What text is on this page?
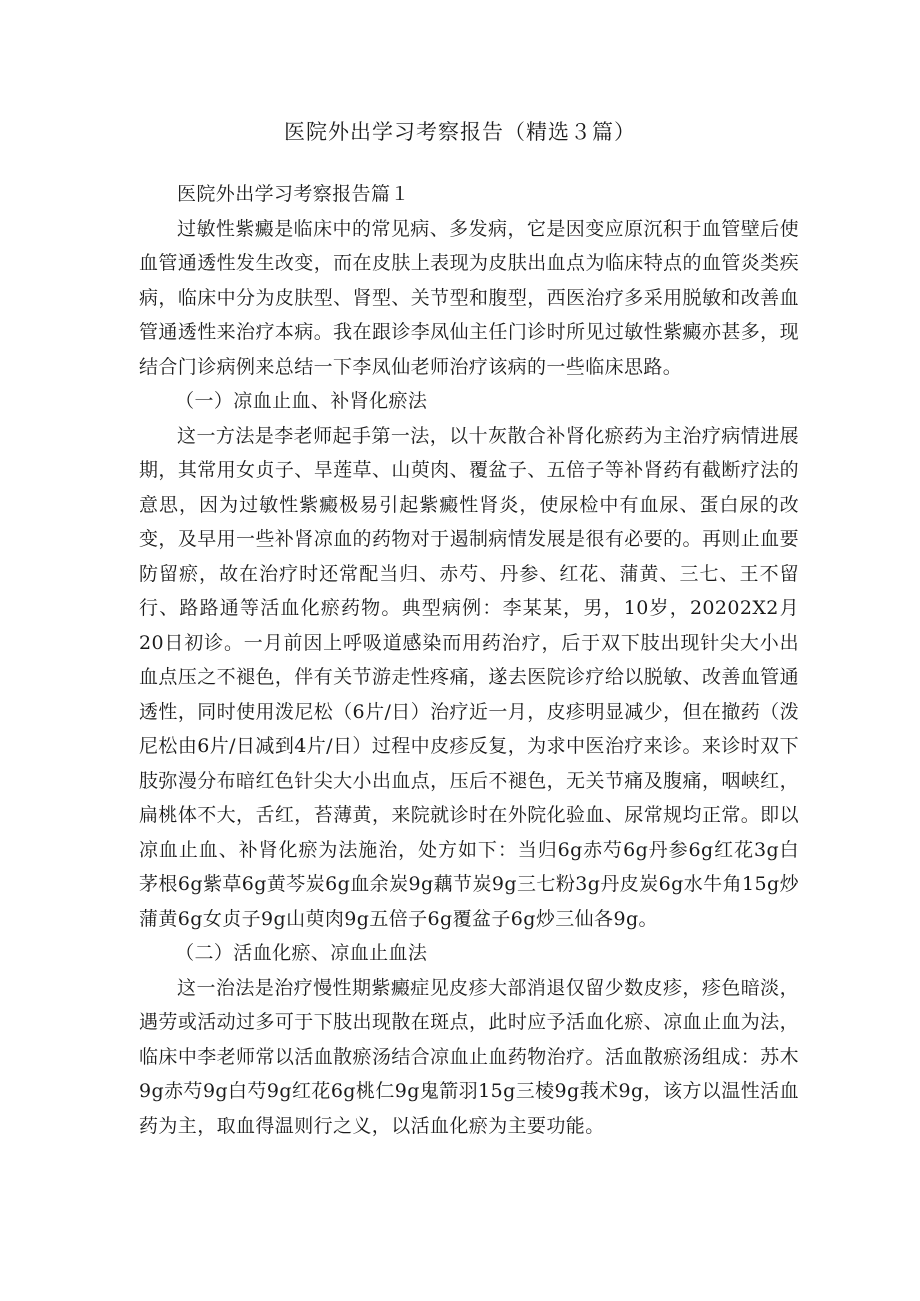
医院外出学习考察报告（精选３篇）

医院外出学习考察报告篇１

过敏性紫癜是临床中的常见病、多发病，它是因变应原沉积于血管壁后使血管通透性发生改变，而在皮肤上表现为皮肤出血点为临床特点的血管炎类疾病，临床中分为皮肤型、肾型、关节型和腹型，西医治疗多采用脱敏和改善血管通透性来治疗本病。我在跟诊李凤仙主任门诊时所见过敏性紫癜亦甚多，现结合门诊病例来总结一下李凤仙老师治疗该病的一些临床思路。

（一）凉血止血、补肾化瘀法

这一方法是李老师起手第一法，以十灰散合补肾化瘀药为主治疗病情进展期，其常用女贞子、旱莲草、山萸肉、覆盆子、五倍子等补肾药有截断疗法的意思，因为过敏性紫癜极易引起紫癜性肾炎，使尿检中有血尿、蛋白尿的改变，及早用一些补肾凉血的药物对于遏制病情发展是很有必要的。再则止血要防留瘀，故在治疗时还常配当归、赤芍、丹参、红花、蒲黄、三七、王不留行、路路通等活血化瘀药物。典型病例：李某某，男，10岁，20202X2月20日初诊。一月前因上呼吸道感染而用药治疗，后于双下肢出现针尖大小出血点压之不褪色，伴有关节游走性疼痛，遂去医院诊疗给以脱敏、改善血管通透性，同时使用泼尼松（6片/日）治疗近一月，皮疹明显减少，但在撤药（泼尼松由6片/日减到4片/日）过程中皮疹反复，为求中医治疗来诊。来诊时双下肢弥漫分布暗红色针尖大小出血点，压后不褪色，无关节痛及腹痛，咽峡红，扁桃体不大，舌红，苔薄黄，来院就诊时在外院化验血、尿常规均正常。即以凉血止血、补肾化瘀为法施治，处方如下：当归6g赤芍6g丹参6g红花3g白茅根6g紫草6g黄芩炭6g血余炭9g藕节炭9g三七粉3g丹皮炭6g水牛角15g炒蒲黄6g女贞子9g山萸肉9g五倍子6g覆盆子6g炒三仙各9g。

（二）活血化瘀、凉血止血法

这一治法是治疗慢性期紫癜症见皮疹大部消退仅留少数皮疹，疹色暗淡，遇劳或活动过多可于下肢出现散在斑点，此时应予活血化瘀、凉血止血为法，临床中李老师常以活血散瘀汤结合凉血止血药物治疗。活血散瘀汤组成：苏木9g赤芍9g白芍9g红花6g桃仁9g鬼箭羽15g三棱9g莪术9g，该方以温性活血药为主，取血得温则行之义，以活血化瘀为主要功能。
